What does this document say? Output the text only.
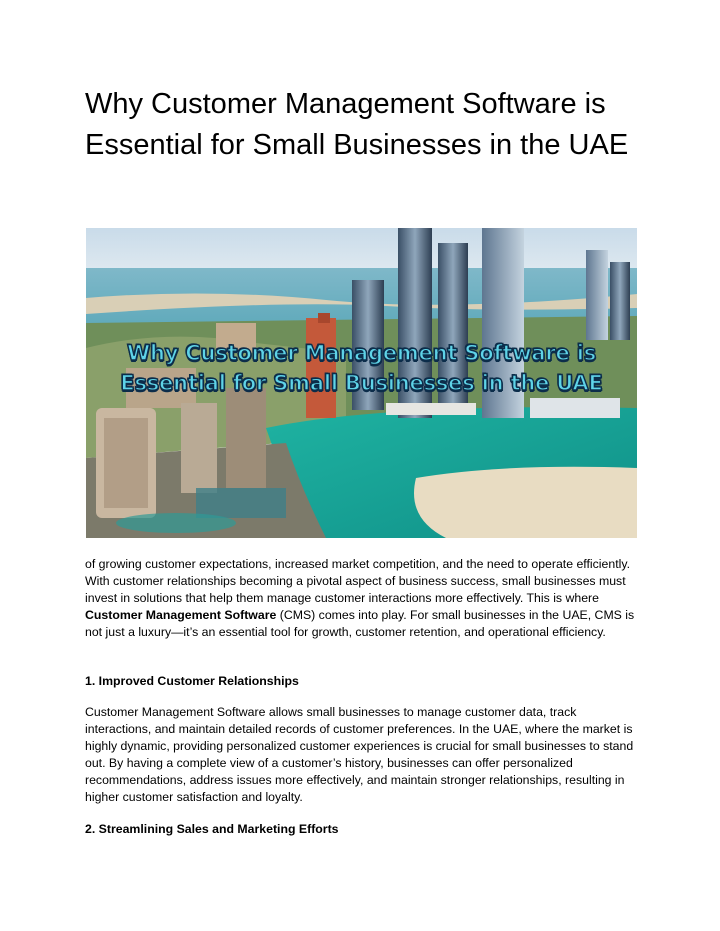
Why Customer Management Software is Essential for Small Businesses in the UAE
Why Customer Management Software is
Essential for Small Businesses in the UAE

of growing customer expectations, increased market competition, and the need to operate efficiently. With customer relationships becoming a pivotal aspect of business success, small businesses must invest in solutions that help them manage customer interactions more effectively. This is where Customer Management Software (CMS) comes into play. For small businesses in the UAE, CMS is not just a luxury—it’s an essential tool for growth, customer retention, and operational efficiency.

1. Improved Customer Relationships

Customer Management Software allows small businesses to manage customer data, track interactions, and maintain detailed records of customer preferences. In the UAE, where the market is highly dynamic, providing personalized customer experiences is crucial for small businesses to stand out. By having a complete view of a customer’s history, businesses can offer personalized recommendations, address issues more effectively, and maintain stronger relationships, resulting in higher customer satisfaction and loyalty.

2. Streamlining Sales and Marketing Efforts
